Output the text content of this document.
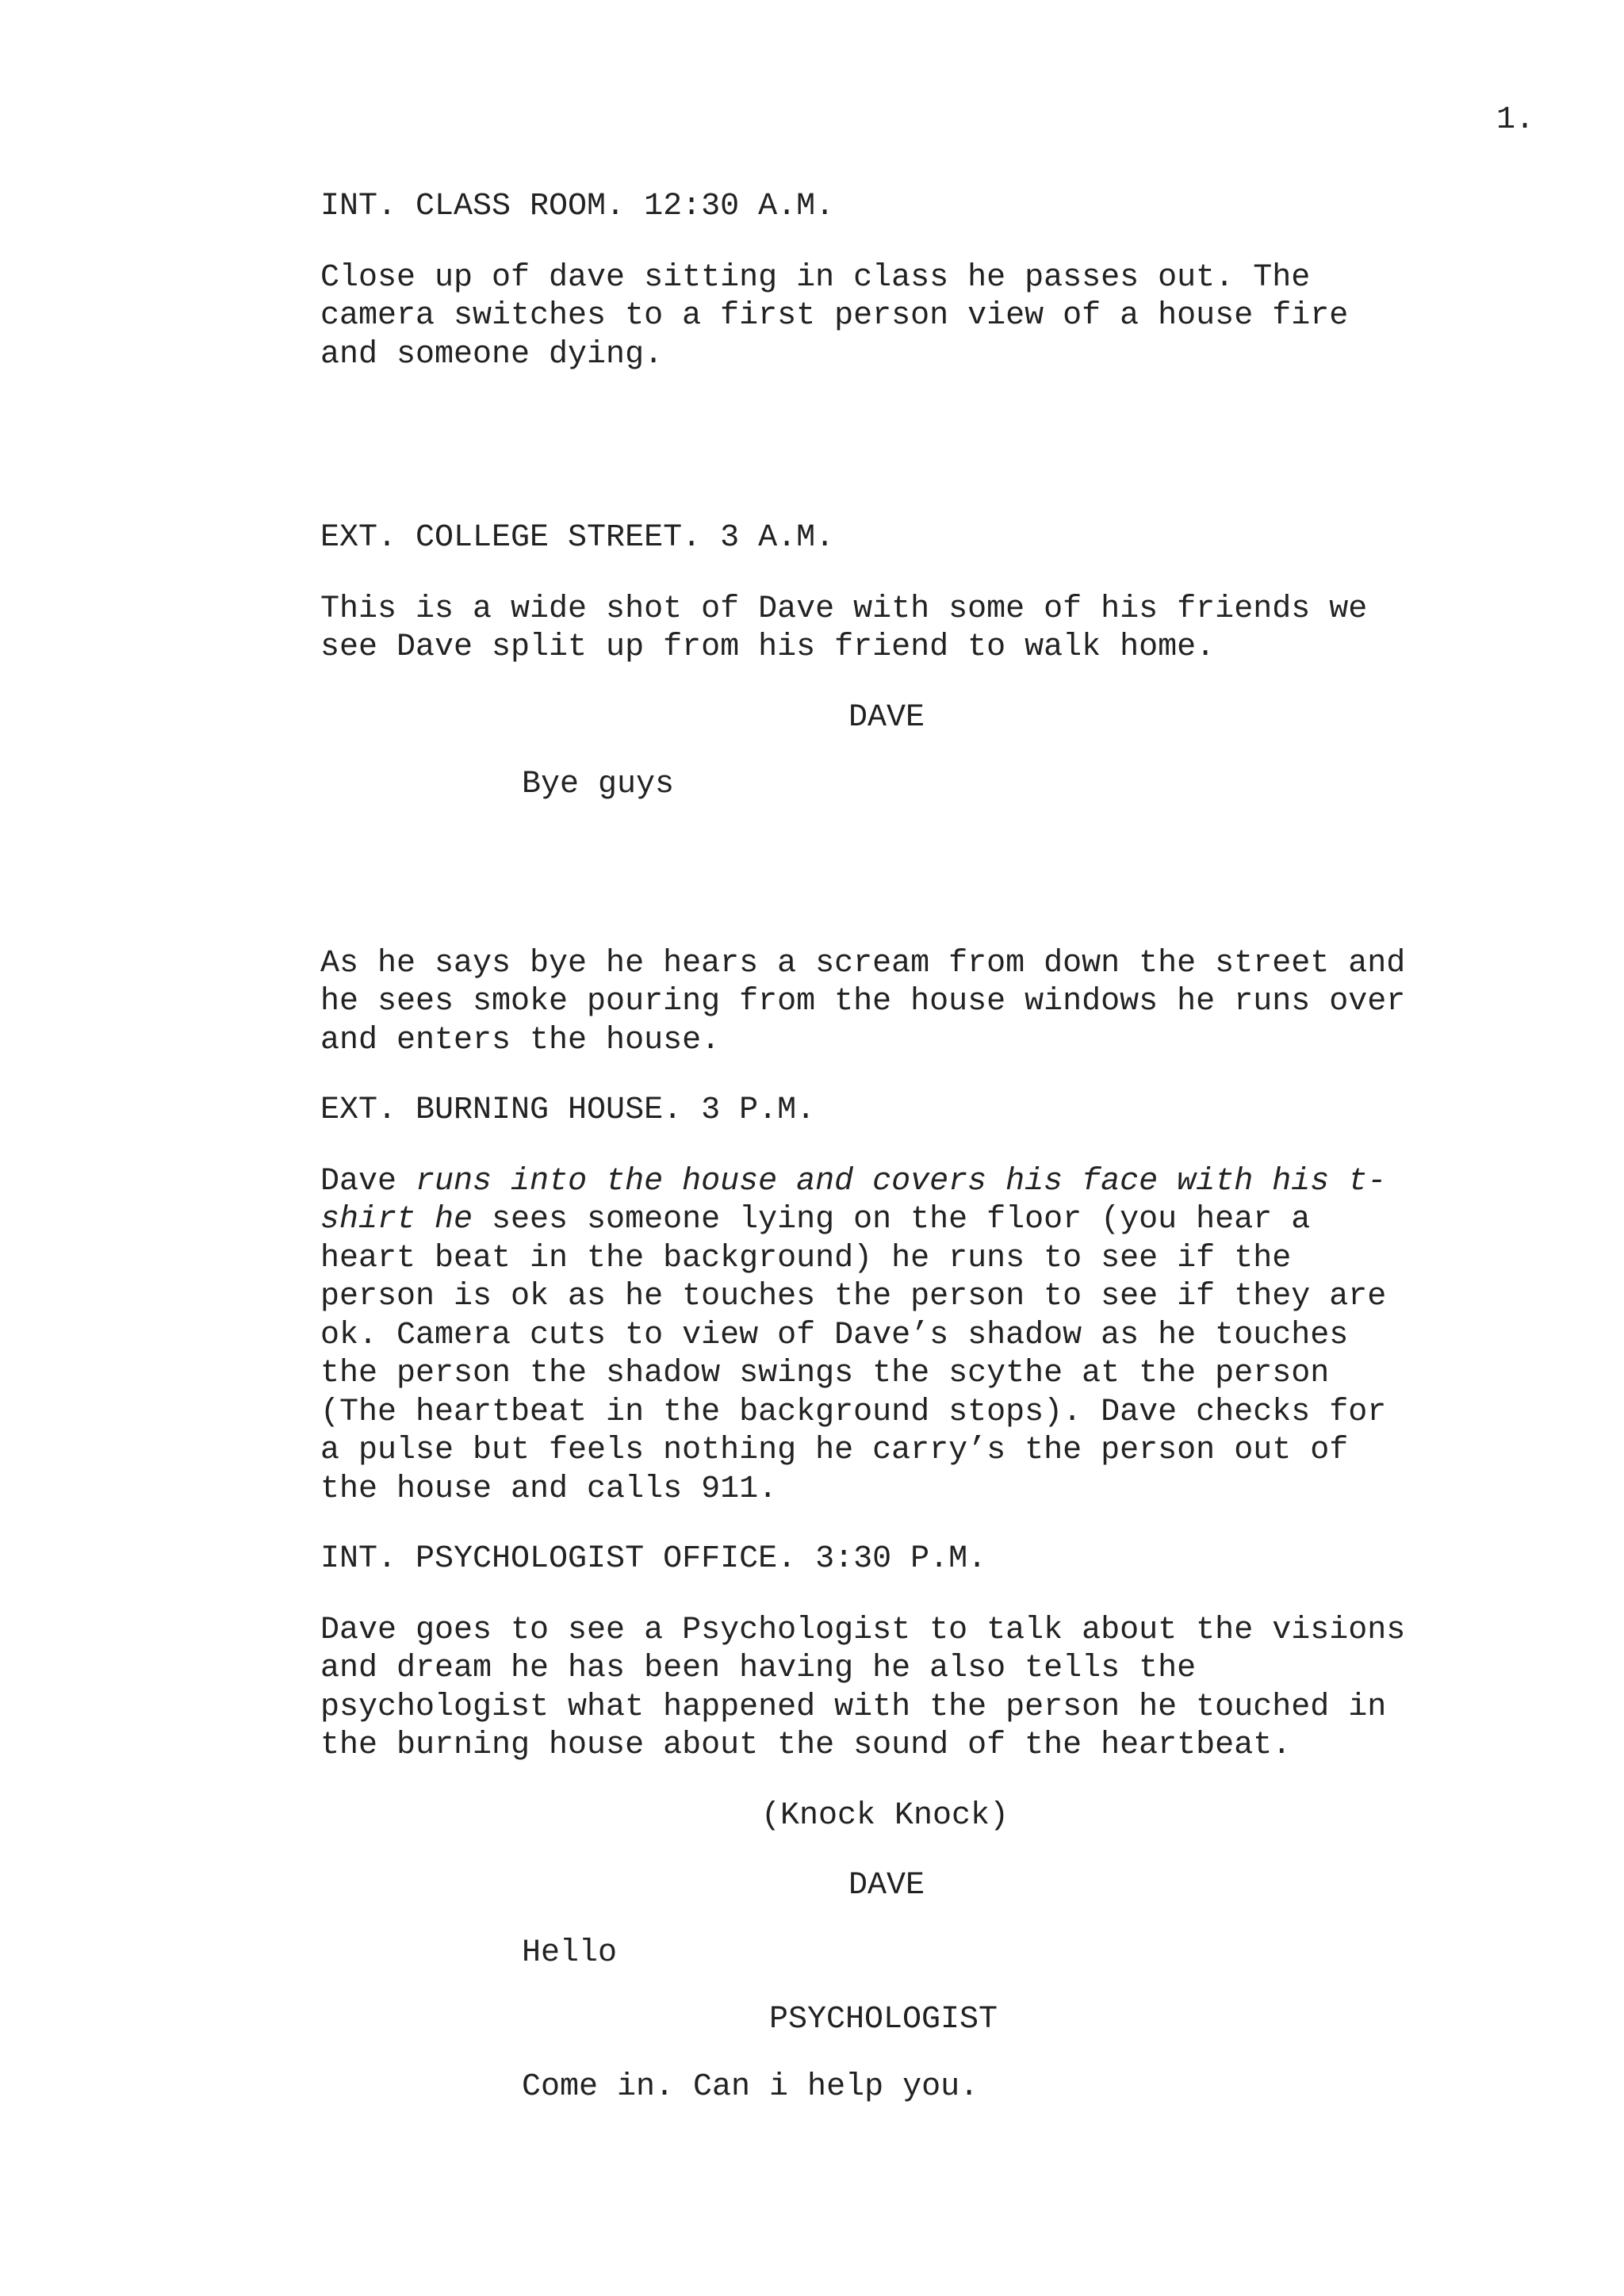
1.

INT. CLASS ROOM. 12:30 A.M.

Close up of dave sitting in class he passes out. The

camera switches to a first person view of a house fire

and someone dying.

EXT. COLLEGE STREET. 3 A.M.

This is a wide shot of Dave with some of his friends we

see Dave split up from his friend to walk home.

DAVE

Bye guys

As he says bye he hears a scream from down the street and

he sees smoke pouring from the house windows he runs over

and enters the house.

EXT. BURNING HOUSE. 3 P.M.

Dave runs into the house and covers his face with his t-

shirt he sees someone lying on the floor (you hear a

heart beat in the background) he runs to see if the

person is ok as he touches the person to see if they are

ok. Camera cuts to view of Dave’s shadow as he touches

the person the shadow swings the scythe at the person

(The heartbeat in the background stops). Dave checks for

a pulse but feels nothing he carry’s the person out of

the house and calls 911.

INT. PSYCHOLOGIST OFFICE. 3:30 P.M.

Dave goes to see a Psychologist to talk about the visions

and dream he has been having he also tells the

psychologist what happened with the person he touched in

the burning house about the sound of the heartbeat.

(Knock Knock)

DAVE

Hello

PSYCHOLOGIST

Come in. Can i help you.
